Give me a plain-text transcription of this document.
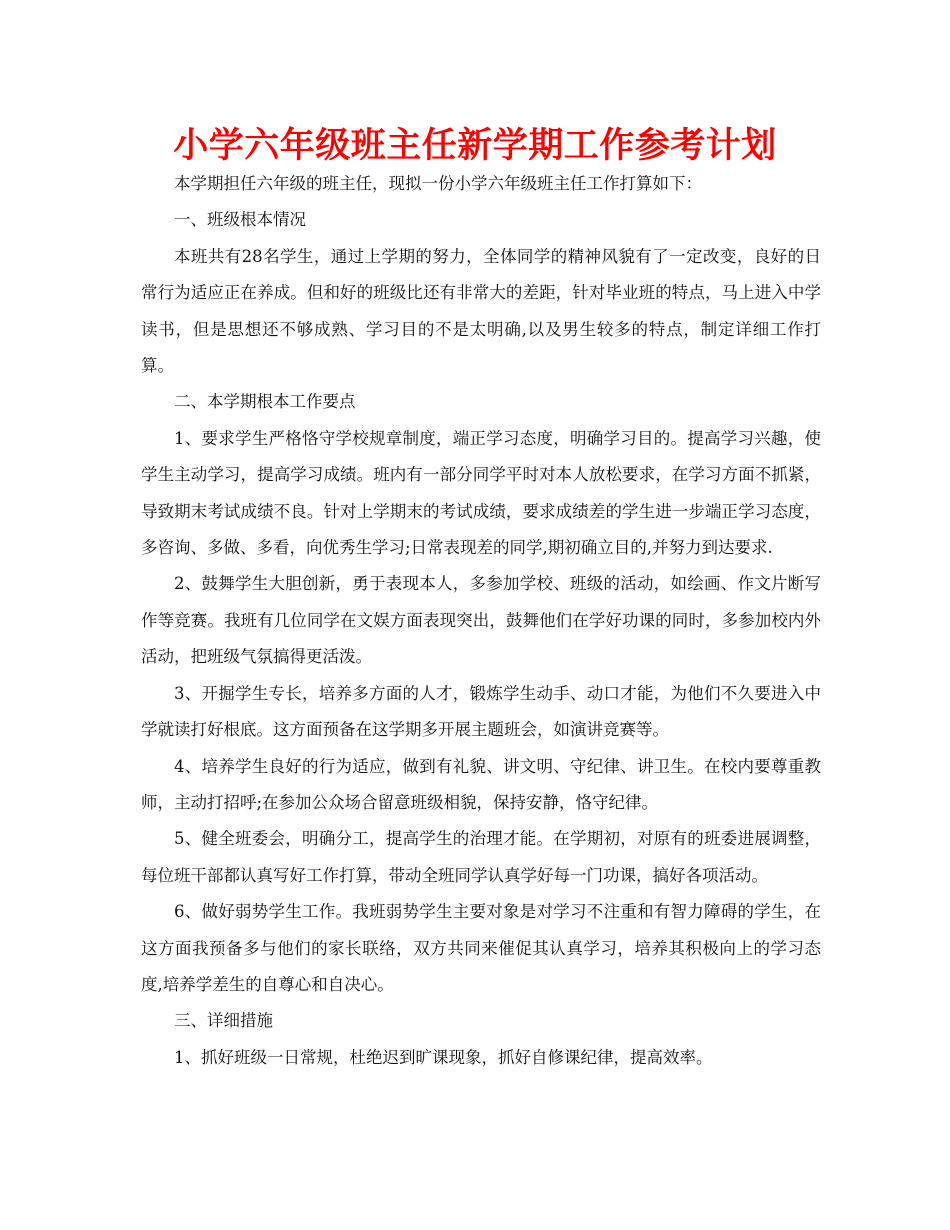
小学六年级班主任新学期工作参考计划

本学期担任六年级的班主任，现拟一份小学六年级班主任工作打算如下：

一、班级根本情况

本班共有28名学生，通过上学期的努力，全体同学的精神风貌有了一定改变，良好的日常行为适应正在养成。但和好的班级比还有非常大的差距，针对毕业班的特点，马上进入中学读书，但是思想还不够成熟、学习目的不是太明确,以及男生较多的特点，制定详细工作打算。

二、本学期根本工作要点

1、要求学生严格恪守学校规章制度，端正学习态度，明确学习目的。提高学习兴趣，使学生主动学习，提高学习成绩。班内有一部分同学平时对本人放松要求，在学习方面不抓紧，导致期末考试成绩不良。针对上学期末的考试成绩，要求成绩差的学生进一步端正学习态度，多咨询、多做、多看，向优秀生学习;日常表现差的同学,期初确立目的,并努力到达要求.

2、鼓舞学生大胆创新，勇于表现本人，多参加学校、班级的活动，如绘画、作文片断写作等竞赛。我班有几位同学在文娱方面表现突出，鼓舞他们在学好功课的同时，多参加校内外活动，把班级气氛搞得更活泼。

3、开掘学生专长，培养多方面的人才，锻炼学生动手、动口才能，为他们不久要进入中学就读打好根底。这方面预备在这学期多开展主题班会，如演讲竞赛等。

4、培养学生良好的行为适应，做到有礼貌、讲文明、守纪律、讲卫生。在校内要尊重教师，主动打招呼;在参加公众场合留意班级相貌，保持安静，恪守纪律。

5、健全班委会，明确分工，提高学生的治理才能。在学期初，对原有的班委进展调整，每位班干部都认真写好工作打算，带动全班同学认真学好每一门功课，搞好各项活动。

6、做好弱势学生工作。我班弱势学生主要对象是对学习不注重和有智力障碍的学生，在这方面我预备多与他们的家长联络，双方共同来催促其认真学习，培养其积极向上的学习态度,培养学差生的自尊心和自决心。

三、详细措施

1、抓好班级一日常规，杜绝迟到旷课现象，抓好自修课纪律，提高效率。
